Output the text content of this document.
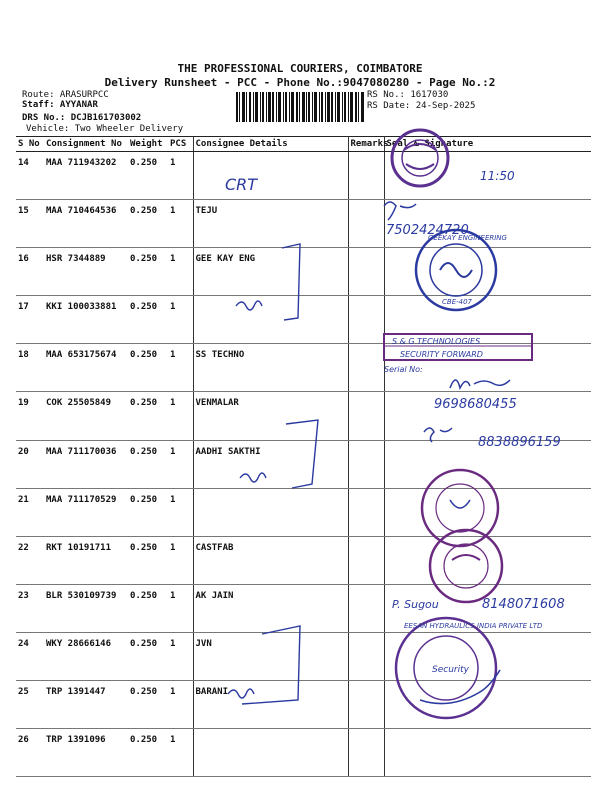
THE PROFESSIONAL COURIERS, COIMBATORE
Delivery Runsheet - PCC - Phone No.:9047080280 - Page No.:2
Route: ARASURPCC
Staff: AYYANAR
DRS No.: DCJB161703002
Vehicle: Two Wheeler Delivery
RS No.: 1617030
RS Date: 24-Sep-2025
S No	Consignment No	Weight	PCS	Consignee Details	Remarks	Seal & Signature
14	MAA 711943202	0.250	1			
15	MAA 710464536	0.250	1	TEJU		
16	HSR 7344889	0.250	1	GEE KAY ENG		
17	KKI 100033881	0.250	1			
18	MAA 653175674	0.250	1	SS TECHNO		
19	COK 25505849	0.250	1	VENMALAR		
20	MAA 711170036	0.250	1	AADHI SAKTHI		
21	MAA 711170529	0.250	1			
22	RKT 10191711	0.250	1	CASTFAB		
23	BLR 530109739	0.250	1	AK JAIN		
24	WKY 28666146	0.250	1	JVN		
25	TRP 1391447	0.250	1	BARANI		
26	TRP 1391096	0.250	1			
CRT	11:50
7502424720
GEEKAY ENGINEERING
CBE-407
S & G TECHNOLOGIES
SECURITY FORWARD
Serial No:
9698680455
8838896159
P. Sugou	8148071608
EESAN HYDRAULICS INDIA PRIVATE LTD
Security
